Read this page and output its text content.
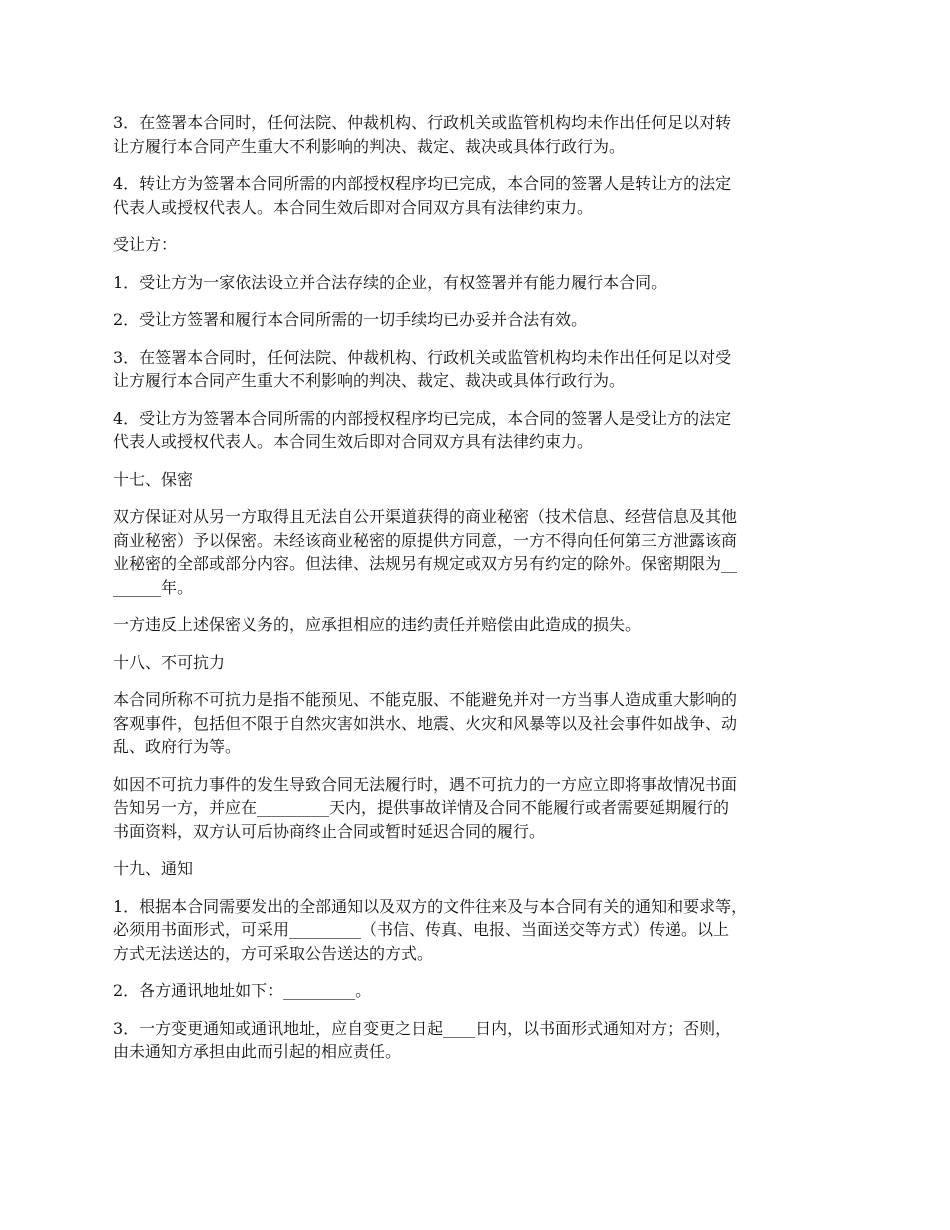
3．在签署本合同时，任何法院、仲裁机构、行政机关或监管机构均未作出任何足以对转
让方履行本合同产生重大不利影响的判决、裁定、裁决或具体行政行为。

4．转让方为签署本合同所需的内部授权程序均已完成，本合同的签署人是转让方的法定
代表人或授权代表人。本合同生效后即对合同双方具有法律约束力。

受让方：

1．受让方为一家依法设立并合法存续的企业，有权签署并有能力履行本合同。

2．受让方签署和履行本合同所需的一切手续均已办妥并合法有效。

3．在签署本合同时，任何法院、仲裁机构、行政机关或监管机构均未作出任何足以对受
让方履行本合同产生重大不利影响的判决、裁定、裁决或具体行政行为。

4．受让方为签署本合同所需的内部授权程序均已完成，本合同的签署人是受让方的法定
代表人或授权代表人。本合同生效后即对合同双方具有法律约束力。

十七、保密

双方保证对从另一方取得且无法自公开渠道获得的商业秘密（技术信息、经营信息及其他
商业秘密）予以保密。未经该商业秘密的原提供方同意，一方不得向任何第三方泄露该商
业秘密的全部或部分内容。但法律、法规另有规定或双方另有约定的除外。保密期限为__
______年。

一方违反上述保密义务的，应承担相应的违约责任并赔偿由此造成的损失。

十八、不可抗力

本合同所称不可抗力是指不能预见、不能克服、不能避免并对一方当事人造成重大影响的
客观事件，包括但不限于自然灾害如洪水、地震、火灾和风暴等以及社会事件如战争、动
乱、政府行为等。

如因不可抗力事件的发生导致合同无法履行时，遇不可抗力的一方应立即将事故情况书面
告知另一方，并应在_________天内，提供事故详情及合同不能履行或者需要延期履行的
书面资料，双方认可后协商终止合同或暂时延迟合同的履行。

十九、通知

1．根据本合同需要发出的全部通知以及双方的文件往来及与本合同有关的通知和要求等，
必须用书面形式，可采用_________（书信、传真、电报、当面送交等方式）传递。以上
方式无法送达的，方可采取公告送达的方式。

2．各方通讯地址如下：_________。

3．一方变更通知或通讯地址，应自变更之日起____日内，以书面形式通知对方；否则，
由未通知方承担由此而引起的相应责任。
